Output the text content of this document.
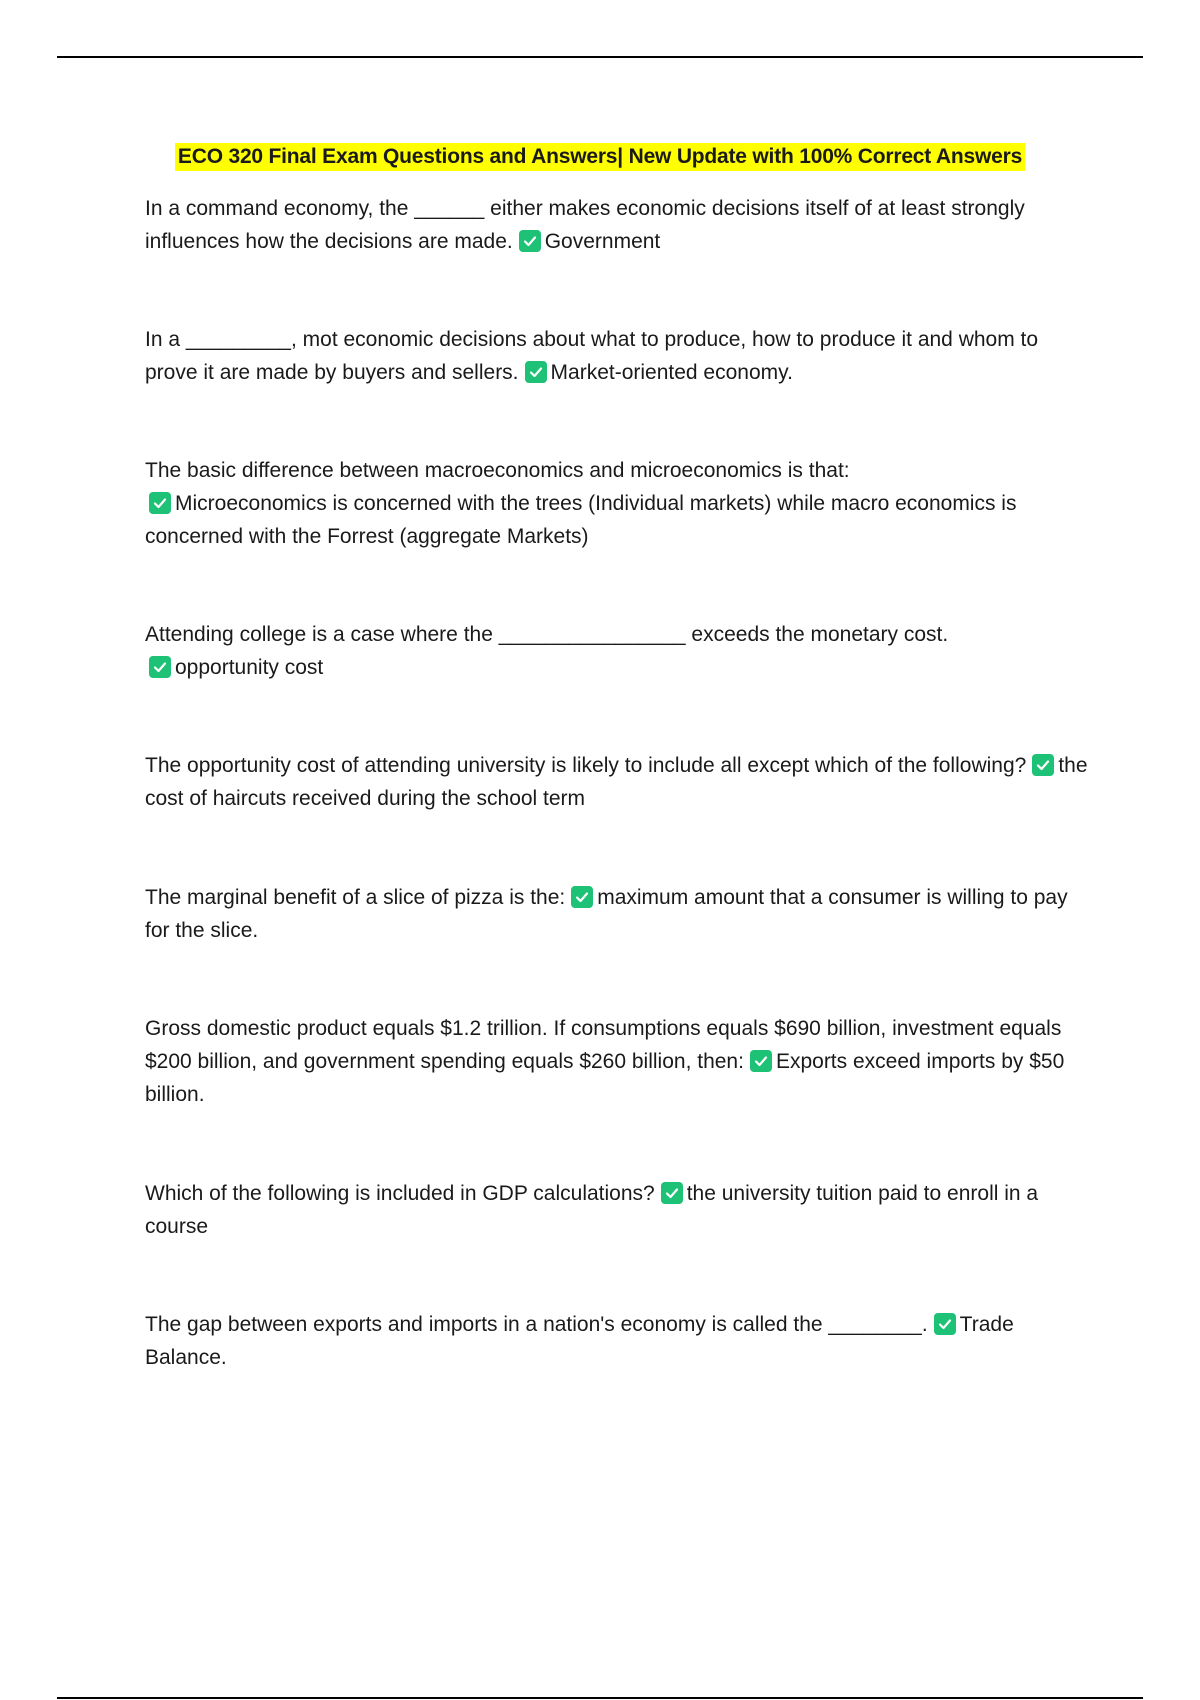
ECO 320 Final Exam Questions and Answers| New Update with 100% Correct Answers
In a command economy, the ______ either makes economic decisions itself of at least strongly influences how the decisions are made. Government
In a _________, mot economic decisions about what to produce, how to produce it and whom to prove it are made by buyers and sellers. Market-oriented economy.
The basic difference between macroeconomics and microeconomics is that:
Microeconomics is concerned with the trees (Individual markets) while macro economics is concerned with the Forrest (aggregate Markets)
Attending college is a case where the ________________ exceeds the monetary cost.
opportunity cost
The opportunity cost of attending university is likely to include all except which of the following? the cost of haircuts received during the school term
The marginal benefit of a slice of pizza is the: maximum amount that a consumer is willing to pay for the slice.
Gross domestic product equals $1.2 trillion. If consumptions equals $690 billion, investment equals $200 billion, and government spending equals $260 billion, then: Exports exceed imports by $50 billion.
Which of the following is included in GDP calculations? the university tuition paid to enroll in a course
The gap between exports and imports in a nation's economy is called the ________. Trade Balance.
